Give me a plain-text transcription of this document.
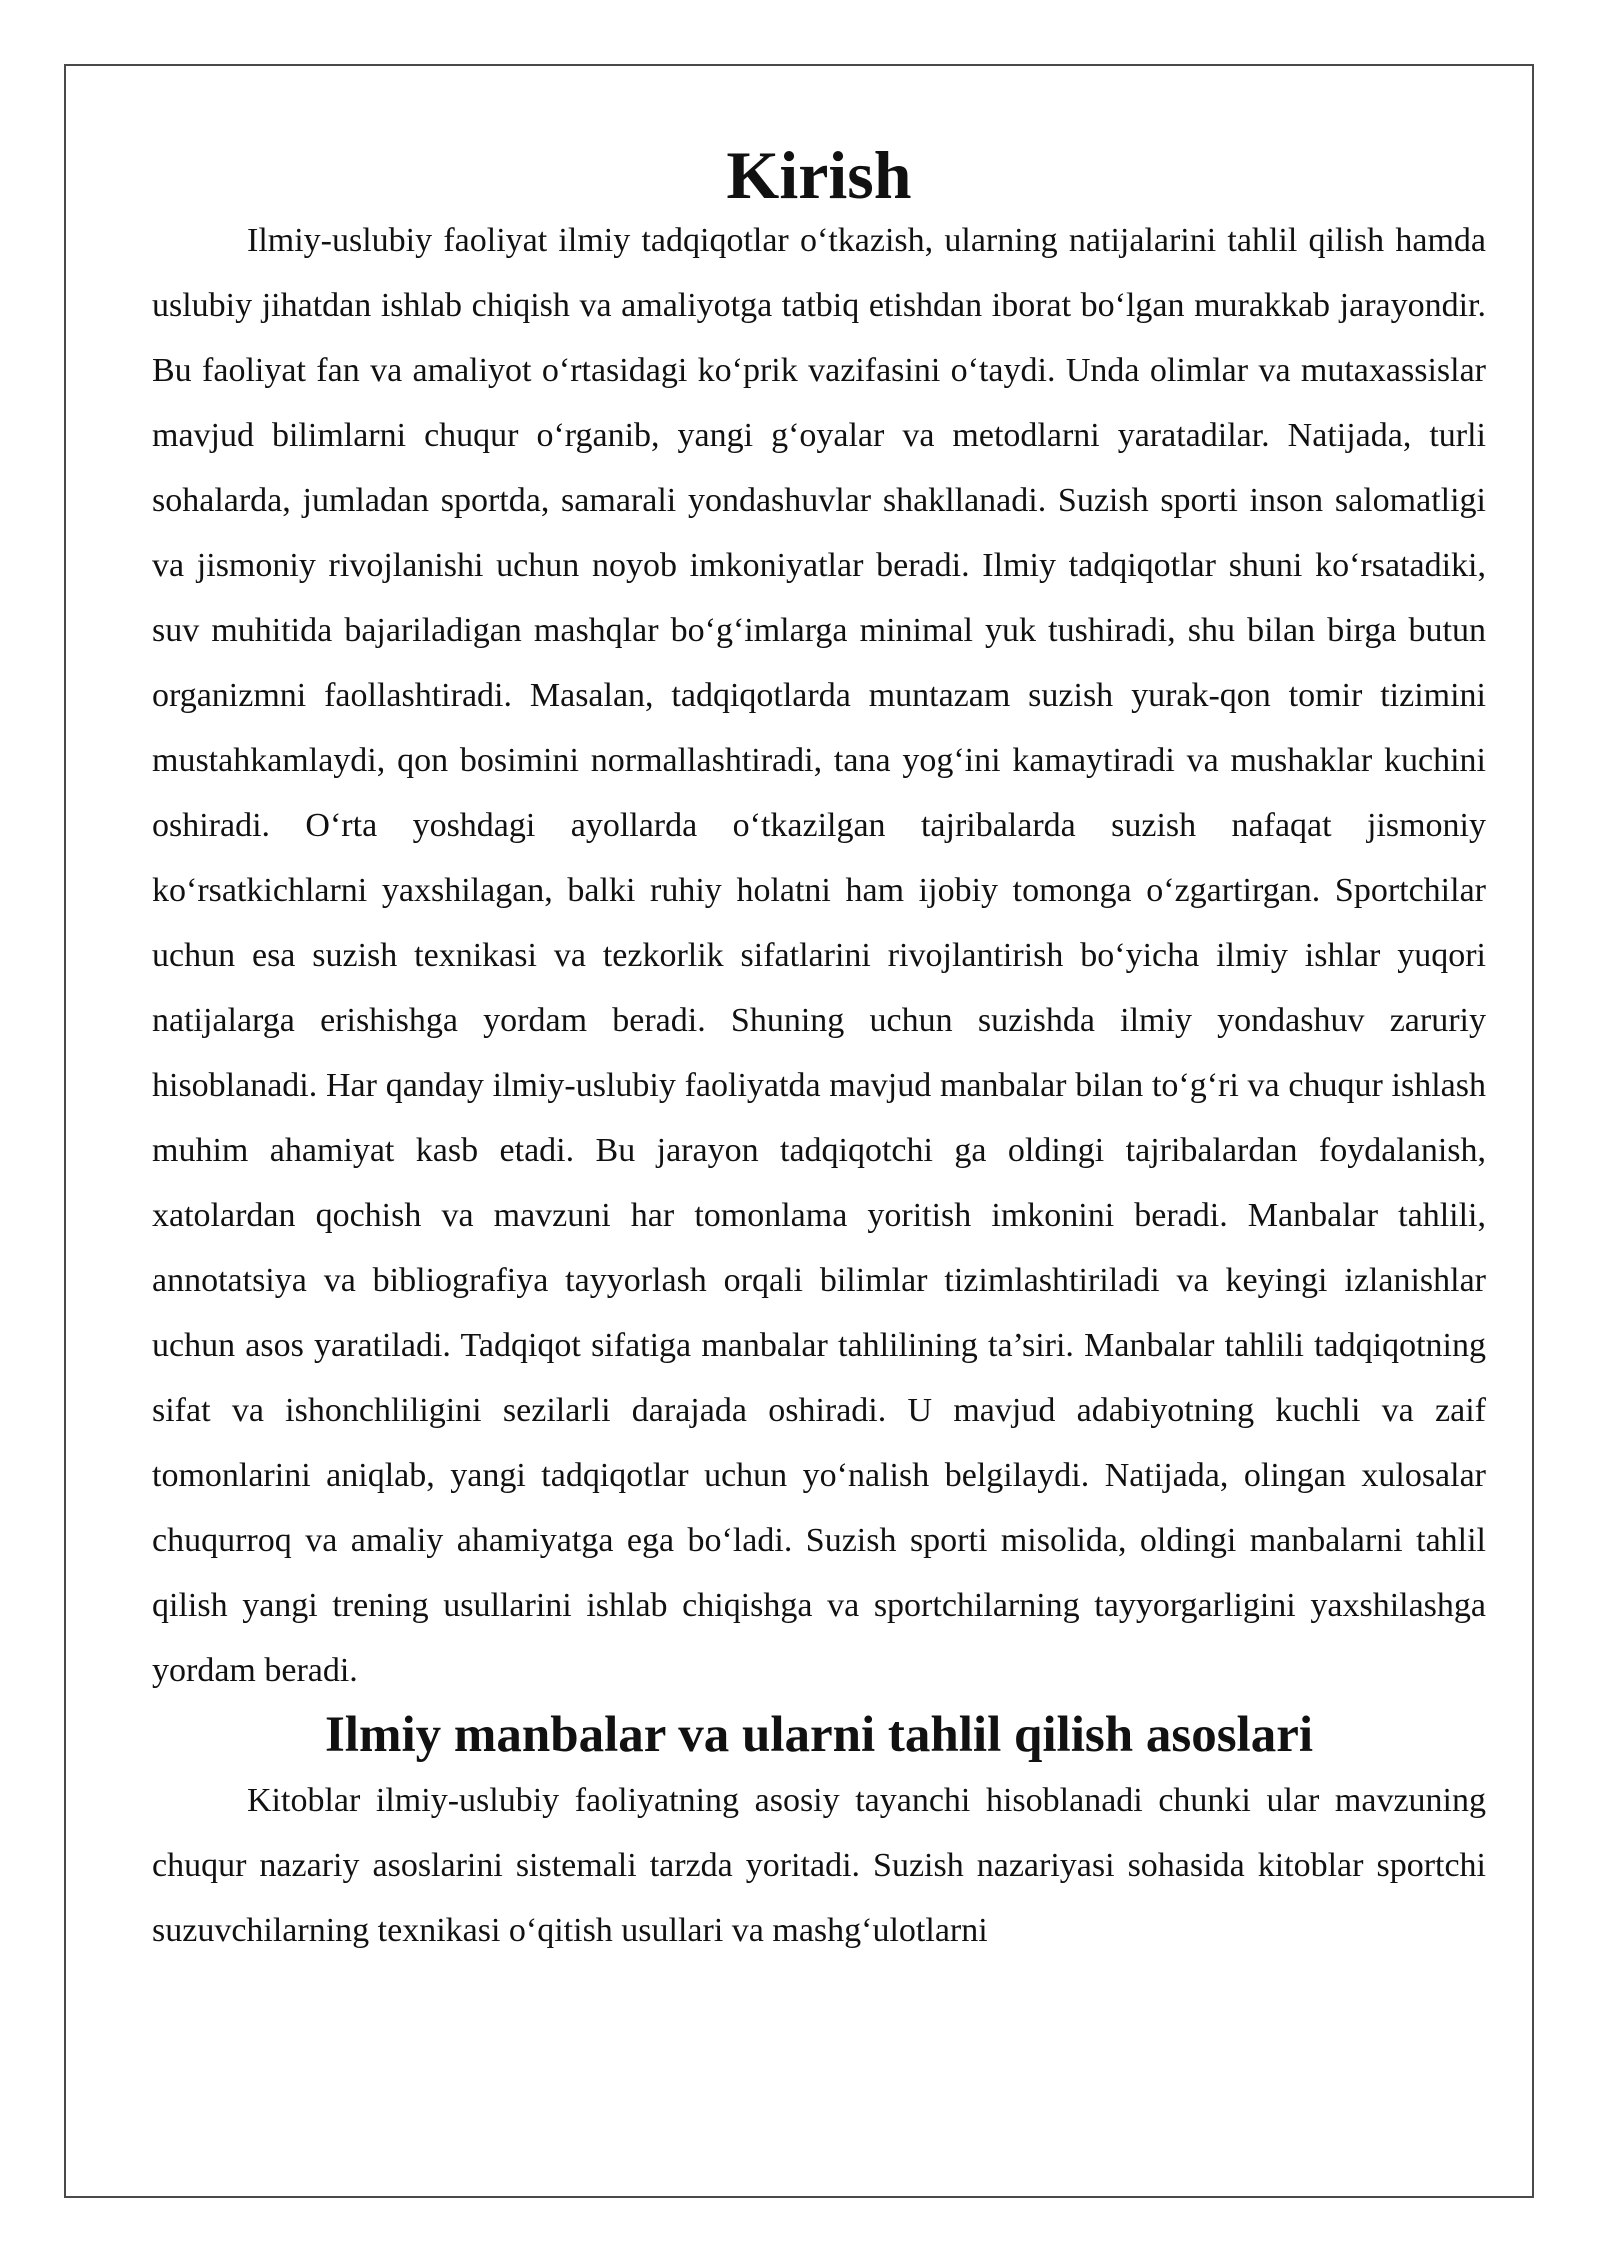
Kirish

Ilmiy-uslubiy faoliyat ilmiy tadqiqotlar o‘tkazish, ularning natijalarini tahlil qilish hamda uslubiy jihatdan ishlab chiqish va amaliyotga tatbiq etishdan iborat bo‘lgan murakkab jarayondir. Bu faoliyat fan va amaliyot o‘rtasidagi ko‘prik vazifasini o‘taydi. Unda olimlar va mutaxassislar mavjud bilimlarni chuqur o‘rganib, yangi g‘oyalar va metodlarni yaratadilar. Natijada, turli sohalarda, jumladan sportda, samarali yondashuvlar shakllanadi. Suzish sporti inson salomatligi va jismoniy rivojlanishi uchun noyob imkoniyatlar beradi. Ilmiy tadqiqotlar shuni ko‘rsatadiki, suv muhitida bajariladigan mashqlar bo‘g‘imlarga minimal yuk tushiradi, shu bilan birga butun organizmni faollashtiradi. Masalan, tadqiqotlarda muntazam suzish yurak-qon tomir tizimini mustahkamlaydi, qon bosimini normallashtiradi, tana yog‘ini kamaytiradi va mushaklar kuchini oshiradi. O‘rta yoshdagi ayollarda o‘tkazilgan tajribalarda suzish nafaqat jismoniy ko‘rsatkichlarni yaxshilagan, balki ruhiy holatni ham ijobiy tomonga o‘zgartirgan. Sportchilar uchun esa suzish texnikasi va tezkorlik sifatlarini rivojlantirish bo‘yicha ilmiy ishlar yuqori natijalarga erishishga yordam beradi. Shuning uchun suzishda ilmiy yondashuv zaruriy hisoblanadi. Har qanday ilmiy-uslubiy faoliyatda mavjud manbalar bilan to‘g‘ri va chuqur ishlash muhim ahamiyat kasb etadi. Bu jarayon tadqiqotchi ga oldingi tajribalardan foydalanish, xatolardan qochish va mavzuni har tomonlama yoritish imkonini beradi. Manbalar tahlili, annotatsiya va bibliografiya tayyorlash orqali bilimlar tizimlashtiriladi va keyingi izlanishlar uchun asos yaratiladi. Tadqiqot sifatiga manbalar tahlilining ta’siri. Manbalar tahlili tadqiqotning sifat va ishonchliligini sezilarli darajada oshiradi. U mavjud adabiyotning kuchli va zaif tomonlarini aniqlab, yangi tadqiqotlar uchun yo‘nalish belgilaydi. Natijada, olingan xulosalar chuqurroq va amaliy ahamiyatga ega bo‘ladi. Suzish sporti misolida, oldingi manbalarni tahlil qilish yangi trening usullarini ishlab chiqishga va sportchilarning tayyorgarligini yaxshilashga yordam beradi.

Ilmiy manbalar va ularni tahlil qilish asoslari

Kitoblar ilmiy-uslubiy faoliyatning asosiy tayanchi hisoblanadi chunki ular mavzuning chuqur nazariy asoslarini sistemali tarzda yoritadi. Suzish nazariyasi sohasida kitoblar sportchi suzuvchilarning texnikasi o‘qitish usullari va mashg‘ulotlarni
